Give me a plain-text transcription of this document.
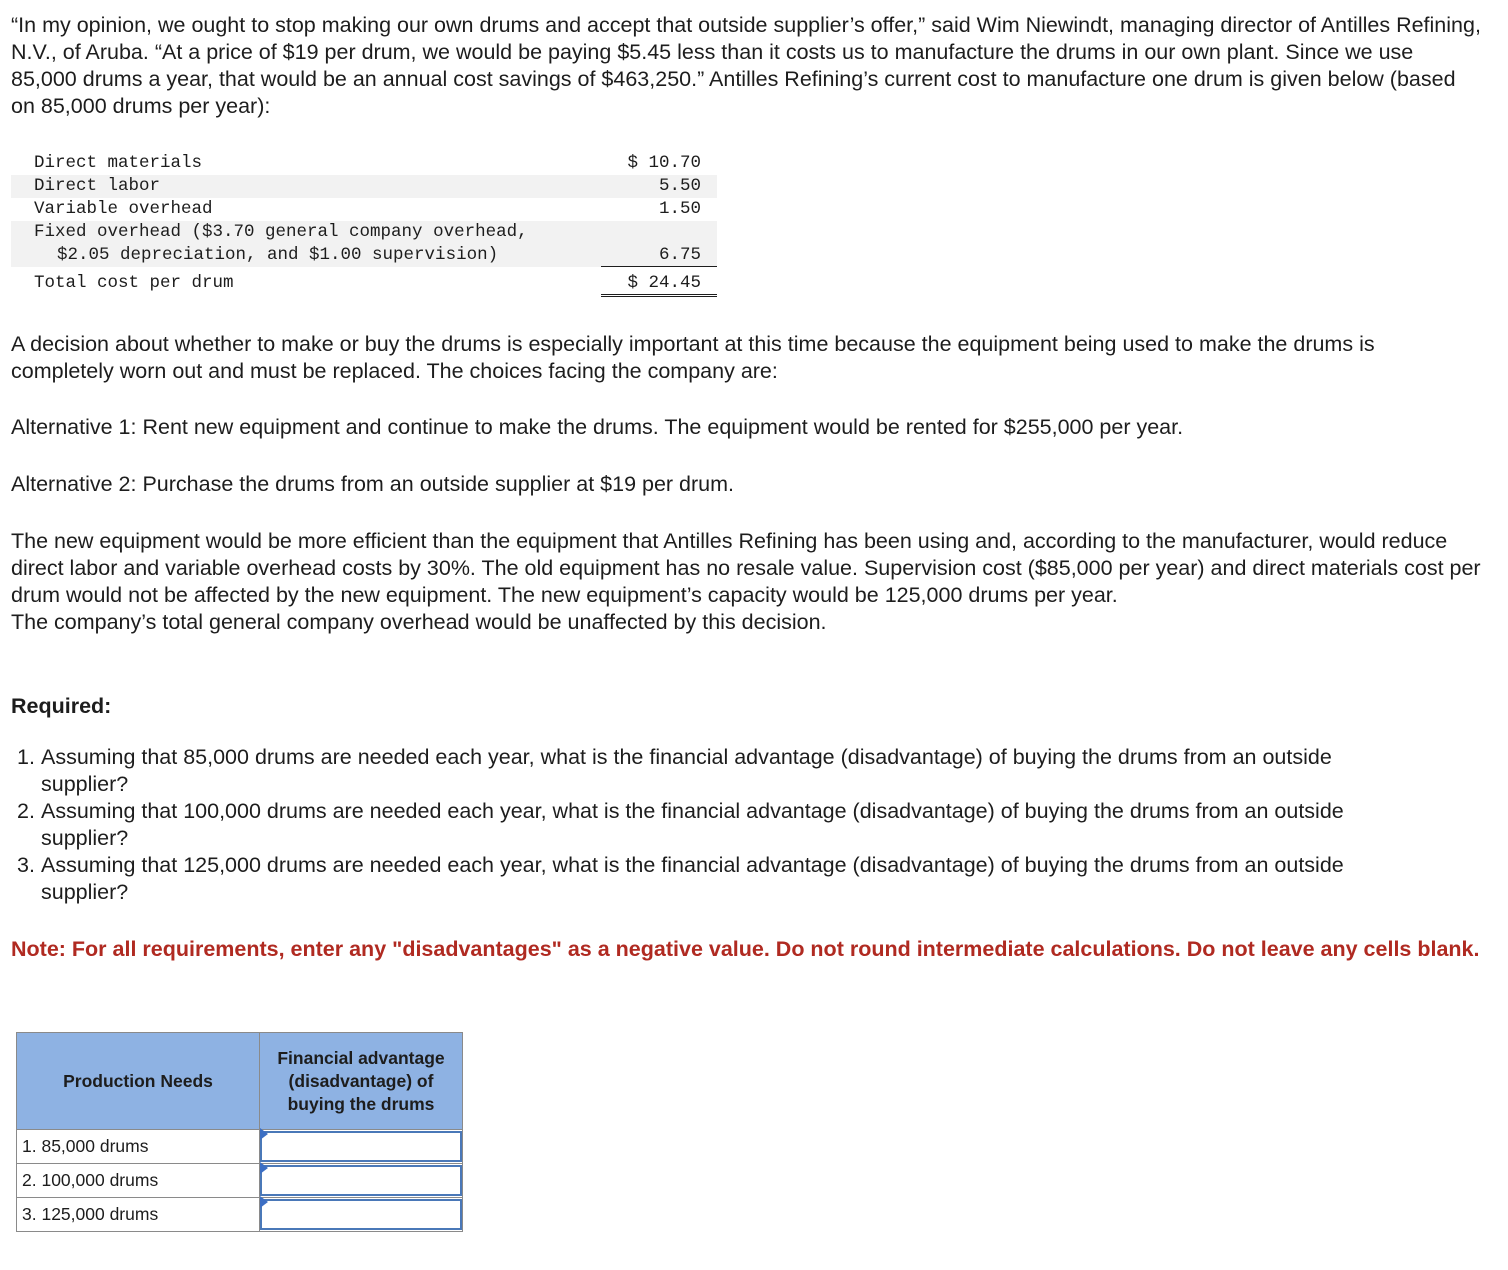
“In my opinion, we ought to stop making our own drums and accept that outside supplier’s offer,” said Wim Niewindt, managing director of Antilles Refining, N.V., of Aruba. “At a price of $19 per drum, we would be paying $5.45 less than it costs us to manufacture the drums in our own plant. Since we use 85,000 drums a year, that would be an annual cost savings of $463,250.” Antilles Refining’s current cost to manufacture one drum is given below (based on 85,000 drums per year):

Direct materials	$ 10.70
Direct labor	5.50
Variable overhead	1.50
Fixed overhead ($3.70 general company overhead,
$2.05 depreciation, and $1.00 supervision)	6.75
Total cost per drum	$ 24.45

A decision about whether to make or buy the drums is especially important at this time because the equipment being used to make the drums is completely worn out and must be replaced. The choices facing the company are:

Alternative 1: Rent new equipment and continue to make the drums. The equipment would be rented for $255,000 per year.

Alternative 2: Purchase the drums from an outside supplier at $19 per drum.

The new equipment would be more efficient than the equipment that Antilles Refining has been using and, according to the manufacturer, would reduce direct labor and variable overhead costs by 30%. The old equipment has no resale value. Supervision cost ($85,000 per year) and direct materials cost per drum would not be affected by the new equipment. The new equipment’s capacity would be 125,000 drums per year.
The company’s total general company overhead would be unaffected by this decision.

Required:

1. Assuming that 85,000 drums are needed each year, what is the financial advantage (disadvantage) of buying the drums from an outside supplier?
2. Assuming that 100,000 drums are needed each year, what is the financial advantage (disadvantage) of buying the drums from an outside supplier?
3. Assuming that 125,000 drums are needed each year, what is the financial advantage (disadvantage) of buying the drums from an outside supplier?

Note: For all requirements, enter any "disadvantages" as a negative value. Do not round intermediate calculations. Do not leave any cells blank.

Production Needs	Financial advantage (disadvantage) of buying the drums
1. 85,000 drums	

2. 100,000 drums	

3. 125,000 drums	
